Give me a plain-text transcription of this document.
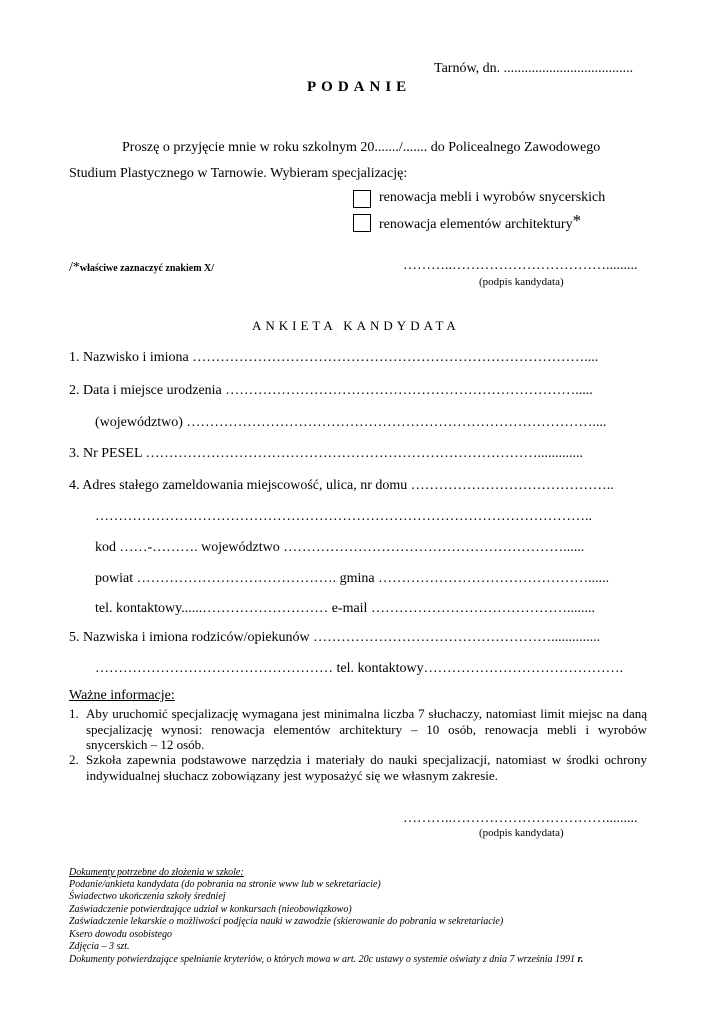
Tarnów, dn. .....................................
PODANIE
Proszę o przyjęcie mnie w roku szkolnym 20......./....... do Policealnego Zawodowego
Studium Plastycznego w Tarnowie. Wybieram specjalizację:
renowacja mebli i wyrobów snycerskich
renowacja elementów architektury*
/*właściwe zaznaczyć znakiem X/	………..…………………………….........
(podpis kandydata)
ANKIETA KANDYDATA
1. Nazwisko i imiona …………………………………………………………………………....
2. Data i miejsce urodzenia ………………………………………………………………….....
(województwo) ……………………………………………………………………………....
3. Nr PESEL ………………………………………………………………………….............
4. Adres stałego zameldowania miejscowość, ulica, nr domu ……………………………………..
……………………………………………………………………………………………..
kod ……-………. województwo ……………………………………………………......
powiat ……………………………………. gmina ………………………………………......
tel. kontaktowy......……………………… e-mail ……………………………………........
5. Nazwiska i imiona rodziców/opiekunów ……………………………………………..............
…………………………………………… tel. kontaktowy…………………………………….
Ważne informacje:
1. Aby uruchomić specjalizację wymagana jest minimalna liczba 7 słuchaczy, natomiast limit miejsc na daną specjalizację wynosi: renowacja elementów architektury – 10 osób, renowacja mebli i wyrobów snycerskich – 12 osób.
2. Szkoła zapewnia podstawowe narzędzia i materiały do nauki specjalizacji, natomiast w środki ochrony indywidualnej słuchacz zobowiązany jest wyposażyć się we własnym zakresie.
………..…………………………….........
(podpis kandydata)
Dokumenty potrzebne do złożenia w szkole:
Podanie/ankieta kandydata (do pobrania na stronie www lub w sekretariacie)
Świadectwo ukończenia szkoły średniej
Zaświadczenie potwierdzające udział w konkursach (nieobowiązkowo)
Zaświadczenie lekarskie o możliwości podjęcia nauki w zawodzie (skierowanie do pobrania w sekretariacie)
Ksero dowodu osobistego
Zdjęcia – 3 szt.
Dokumenty potwierdzające spełnianie kryteriów, o których mowa w art. 20c ustawy o systemie oświaty z dnia 7 września 1991 r.
